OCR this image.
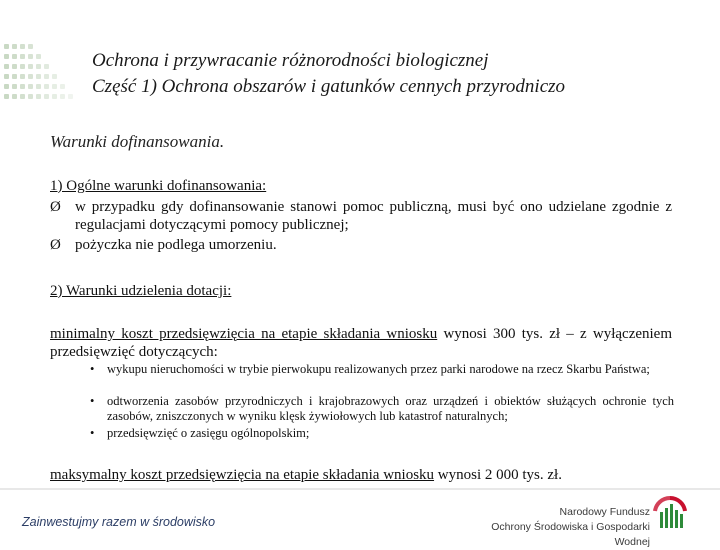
Ochrona i przywracanie różnorodności biologicznej
Część 1) Ochrona obszarów i gatunków cennych przyrodniczo
Warunki dofinansowania.
1) Ogólne warunki dofinansowania:
Ø w przypadku gdy dofinansowanie stanowi pomoc publiczną, musi być ono udzielane zgodnie z regulacjami dotyczącymi pomocy publicznej;
Ø pożyczka nie podlega umorzeniu.
2) Warunki udzielenia dotacji:
minimalny koszt przedsięwzięcia na etapie składania wniosku wynosi 300 tys. zł – z wyłączeniem przedsięwzięć dotyczących:
• wykupu nieruchomości w trybie pierwokupu realizowanych przez parki narodowe na rzecz Skarbu Państwa;
• odtworzenia zasobów przyrodniczych i krajobrazowych oraz urządzeń i obiektów służących ochronie tych zasobów, zniszczonych w wyniku klęsk żywiołowych lub katastrof naturalnych;
• przedsięwzięć o zasięgu ogólnopolskim;
maksymalny koszt przedsięwzięcia na etapie składania wniosku wynosi 2 000 tys. zł.
Zainwestujmy razem w środowisko
Narodowy Fundusz
Ochrony Środowiska i Gospodarki Wodnej
